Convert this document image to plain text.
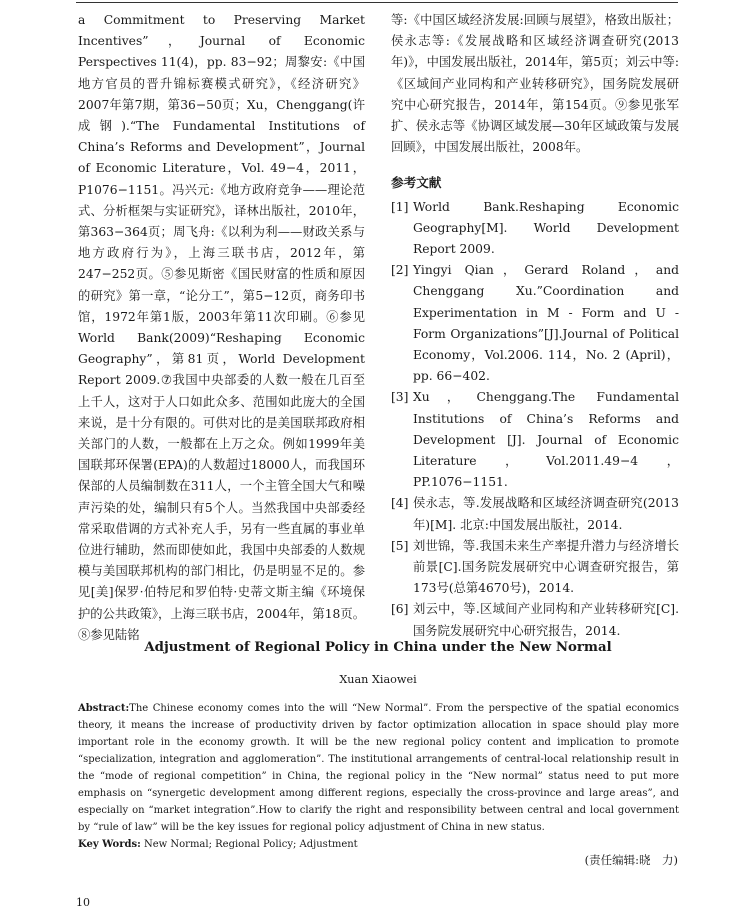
a Commitment to Preserving Market Incentives”，Journal of Economic Perspectives 11(4)，pp. 83−92；周黎安:《中国地方官员的晋升锦标赛模式研究》，《经济研究》2007年第7期，第36−50页；Xu，Chenggang(许成钢).“The Fundamental Institutions of China’s Reforms and Development”，Journal of Economic Literature，Vol. 49−4，2011，P1076−1151。冯兴元:《地方政府竞争——理论范式、分析框架与实证研究》，译林出版社，2010年，第363−364页；周飞舟:《以利为利——财政关系与地方政府行为》，上海三联书店，2012年，第247−252页。⑤参见斯密《国民财富的性质和原因的研究》第一章，“论分工”，第5−12页，商务印书馆，1972年第1版，2003年第11次印刷。⑥参见World Bank(2009)“Reshaping Economic Geography”，第81页，World Development Report 2009.⑦我国中央部委的人数一般在几百至上千人，这对于人口如此众多、范围如此庞大的全国来说，是十分有限的。可供对比的是美国联邦政府相关部门的人数，一般都在上万之众。例如1999年美国联邦环保署(EPA)的人数超过18000人，而我国环保部的人员编制数在311人，一个主管全国大气和噪声污染的处，编制只有5个人。当然我国中央部委经常采取借调的方式补充人手，另有一些直属的事业单位进行辅助，然而即使如此，我国中央部委的人数规模与美国联邦机构的部门相比，仍是明显不足的。参见[美]保罗·伯特尼和罗伯特·史蒂文斯主编《环境保护的公共政策》，上海三联书店，2004年，第18页。⑧参见陆铭

等:《中国区域经济发展:回顾与展望》，格致出版社；侯永志等:《发展战略和区域经济调查研究(2013年)》，中国发展出版社，2014年，第5页；刘云中等:《区域间产业同构和产业转移研究》，国务院发展研究中心研究报告，2014年，第154页。⑨参见张军扩、侯永志等《协调区域发展—30年区域政策与发展回顾》，中国发展出版社，2008年。

参考文献

[1] World Bank.Reshaping Economic Geography[M]. World Development Report 2009.
[2] Yingyi Qian，Gerard Roland，and Chenggang Xu.”Coordination and Experimentation in M - Form and U - Form Organizations”[J].Journal of Political Economy，Vol.2006. 114，No. 2 (April)，pp. 66−402.
[3] Xu，Chenggang.The Fundamental Institutions of China’s Reforms and Development [J]. Journal of Economic Literature，Vol.2011.49−4，PP.1076−1151.
[4] 侯永志，等.发展战略和区域经济调查研究(2013年)[M]. 北京:中国发展出版社，2014.
[5] 刘世锦，等.我国未来生产率提升潜力与经济增长前景[C].国务院发展研究中心调查研究报告，第173号(总第4670号)，2014.
[6] 刘云中，等.区域间产业同构和产业转移研究[C].国务院发展研究中心研究报告，2014.
Adjustment of Regional Policy in China under the New Normal
Xuan Xiaowei
Abstract:The Chinese economy comes into the will “New Normal”. From the perspective of the spatial economics theory, it means the increase of productivity driven by factor optimization allocation in space should play more important role in the economy growth. It will be the new regional policy content and implication to promote “specialization, integration and agglomeration”. The institutional arrangements of central-local relationship result in the “mode of regional competition” in China, the regional policy in the “New normal” status need to put more emphasis on “synergetic development among different regions, especially the cross-province and large areas”, and especially on “market integration”.How to clarify the right and responsibility between central and local government by “rule of law” will be the key issues for regional policy adjustment of China in new status.
Key Words: New Normal; Regional Policy; Adjustment
(责任编辑:晓　力)
10
